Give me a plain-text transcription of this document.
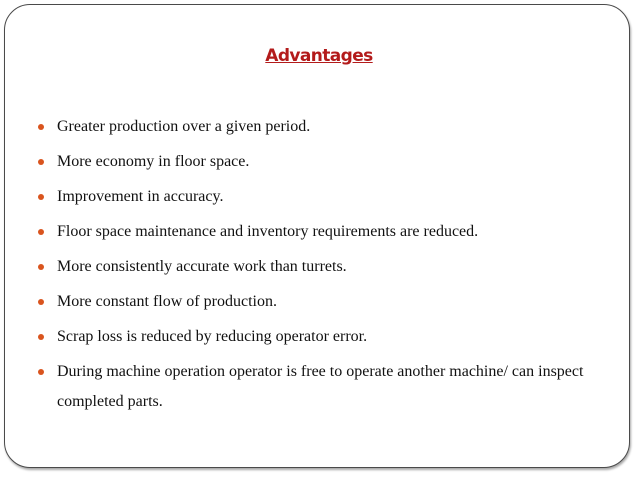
Advantages
Greater production over a given period.
More economy in floor space.
Improvement in accuracy.
Floor space maintenance and inventory requirements are reduced.
More consistently accurate work than turrets.
More constant flow of production.
Scrap loss is reduced by reducing operator error.
During machine operation operator is free to operate another machine/ can inspect completed parts.
